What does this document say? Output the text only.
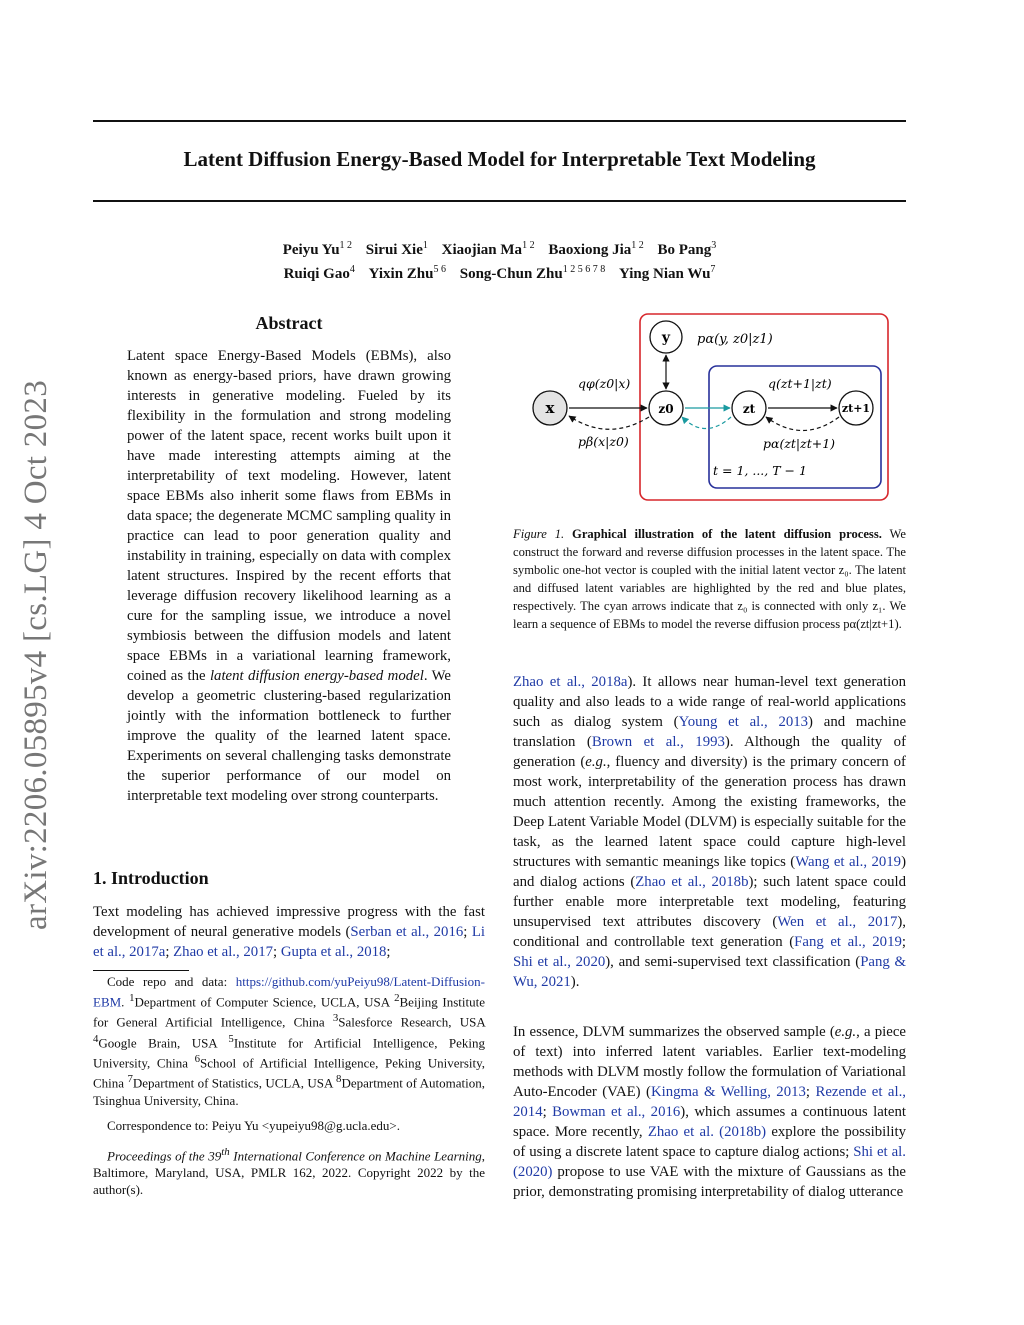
Latent Diffusion Energy-Based Model for Interpretable Text Modeling
Peiyu $Yu^{1 2}$ Sirui Xie$^1$ Xiaojian $Ma^{1 2}$ Baoxiong Jia$^{1 2}$ Bo Pang$^3$
Ruiqi Gao$^4$ Yixin Zhu$^{5 6}$ Song-Chun Zhu$^{1 2 5 6 7 8}$ Ying Nian Wu$^7$
arXiv:2206.05895v4 [cs.LG] 4 Oct 2023
Abstract
Latent space Energy-Based Models (EBMs), also known as energy-based priors, have drawn growing interests in generative modeling. Fueled by its flexibility in the formulation and strong modeling power of the latent space, recent works built upon it have made interesting attempts aiming at the interpretability of text modeling. However, latent space EBMs also inherit some flaws from EBMs in data space; the degenerate MCMC sampling quality in practice can lead to poor generation quality and instability in training, especially on data with complex latent structures. Inspired by the recent efforts that leverage diffusion recovery likelihood learning as a cure for the sampling issue, we introduce a novel symbiosis between the diffusion models and latent space EBMs in a variational learning framework, coined as the latent diffusion energy-based model. We develop a geometric clustering-based regularization jointly with the information bottleneck to further improve the quality of the learned latent space. Experiments on several challenging tasks demonstrate the superior performance of our model on interpretable text modeling over strong counterparts.
1. Introduction
Text modeling has achieved impressive progress with the fast development of neural generative models (Serban et al., 2016; Li et al., 2017a; Zhao et al., 2017; Gupta et al., 2018;

Code repo and data: https://github.com/yuPeiyu98/Latent-Diffusion-EBM. $^1$Department of Computer Science, UCLA, USA $^2$Beijing Institute for General Artificial Intelligence, China $^3$Salesforce Research, USA $^4$Google Brain, USA $^5$Institute for Artificial Intelligence, Peking University, China $^6$School of Artificial Intelligence, Peking University, China $^7$Department of Statistics, UCLA, USA $^8$Department of Automation, Tsinghua University, China.

Correspondence to: Peiyu Yu <yupeiyu98@g.ucla.edu>.

Proceedings of the 39th International Conference on Machine Learning, Baltimore, Maryland, USA, PMLR 162, 2022. Copyright 2022 by the author(s).

x
y
z0	zt	zt+1
pα(y, z0|z1)
qφ(z0|x)
pβ(x|z0)
q(zt+1|zt)
pα(zt|zt+1)
t = 1, ..., T − 1
Figure 1. Graphical illustration of the latent diffusion process. We construct the forward and reverse diffusion processes in the latent space. The symbolic one-hot vector is coupled with the initial latent vector z₀. The latent and diffused latent variables are highlighted by the red and blue plates, respectively. The cyan arrows indicate that z₀ is connected with only z₁. We learn a sequence of EBMs to model the reverse diffusion process pα(zt|zt+1).

Zhao et al., 2018a). It allows near human-level text generation quality and also leads to a wide range of real-world applications such as dialog system (Young et al., 2013) and machine translation (Brown et al., 1993). Although the quality of generation (e.g., fluency and diversity) is the primary concern of most work, interpretability of the generation process has drawn much attention recently. Among the existing frameworks, the Deep Latent Variable Model (DLVM) is especially suitable for the task, as the learned latent space could capture high-level structures with semantic meanings like topics (Wang et al., 2019) and dialog actions (Zhao et al., 2018b); such latent space could further enable more interpretable text modeling, featuring unsupervised text attributes discovery (Wen et al., 2017), conditional and controllable text generation (Fang et al., 2019; Shi et al., 2020), and semi-supervised text classification (Pang & Wu, 2021).

In essence, DLVM summarizes the observed sample (e.g., a piece of text) into inferred latent variables. Earlier text-modeling methods with DLVM mostly follow the formulation of Variational Auto-Encoder (VAE) (Kingma & Welling, 2013; Rezende et al., 2014; Bowman et al., 2016), which assumes a continuous latent space. More recently, Zhao et al. (2018b) explore the possibility of using a discrete latent space to capture dialog actions; Shi et al. (2020) propose to use VAE with the mixture of Gaussians as the prior, demonstrating promising interpretability of dialog utterance
